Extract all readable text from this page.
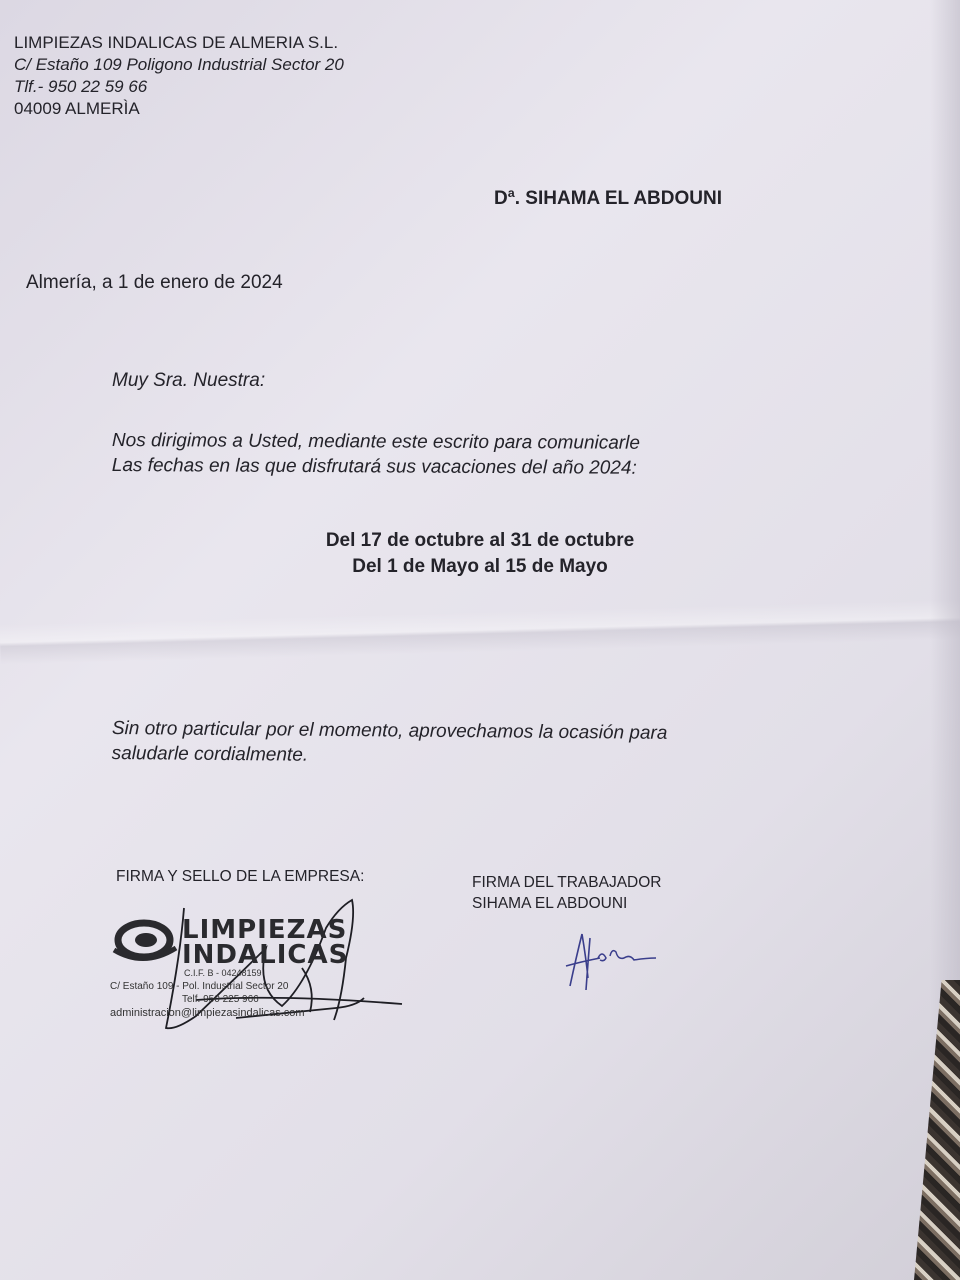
LIMPIEZAS INDALICAS DE ALMERIA S.L.
C/ Estaño 109 Poligono Industrial Sector 20
Tlf.- 950 22 59 66
04009 ALMERÌA
Dª. SIHAMA EL ABDOUNI
Almería, a 1 de enero de 2024
Muy Sra. Nuestra:
Nos dirigimos a Usted, mediante este escrito para comunicarle
Las fechas en las que disfrutará sus vacaciones del año 2024:
Del 17 de octubre al 31 de octubre
Del 1 de Mayo al 15 de Mayo
Sin otro particular por el momento, aprovechamos la ocasión para
saludarle cordialmente.
FIRMA Y SELLO DE LA EMPRESA:	FIRMA DEL TRABAJADOR
SIHAMA EL ABDOUNI
LIMPIEZAS
INDALICAS
C.I.F. B - 04248159
C/ Estaño 109 - Pol. Industrial Sector 20
Telf. 950 225 966
administracion@limpiezasindalicas.com
